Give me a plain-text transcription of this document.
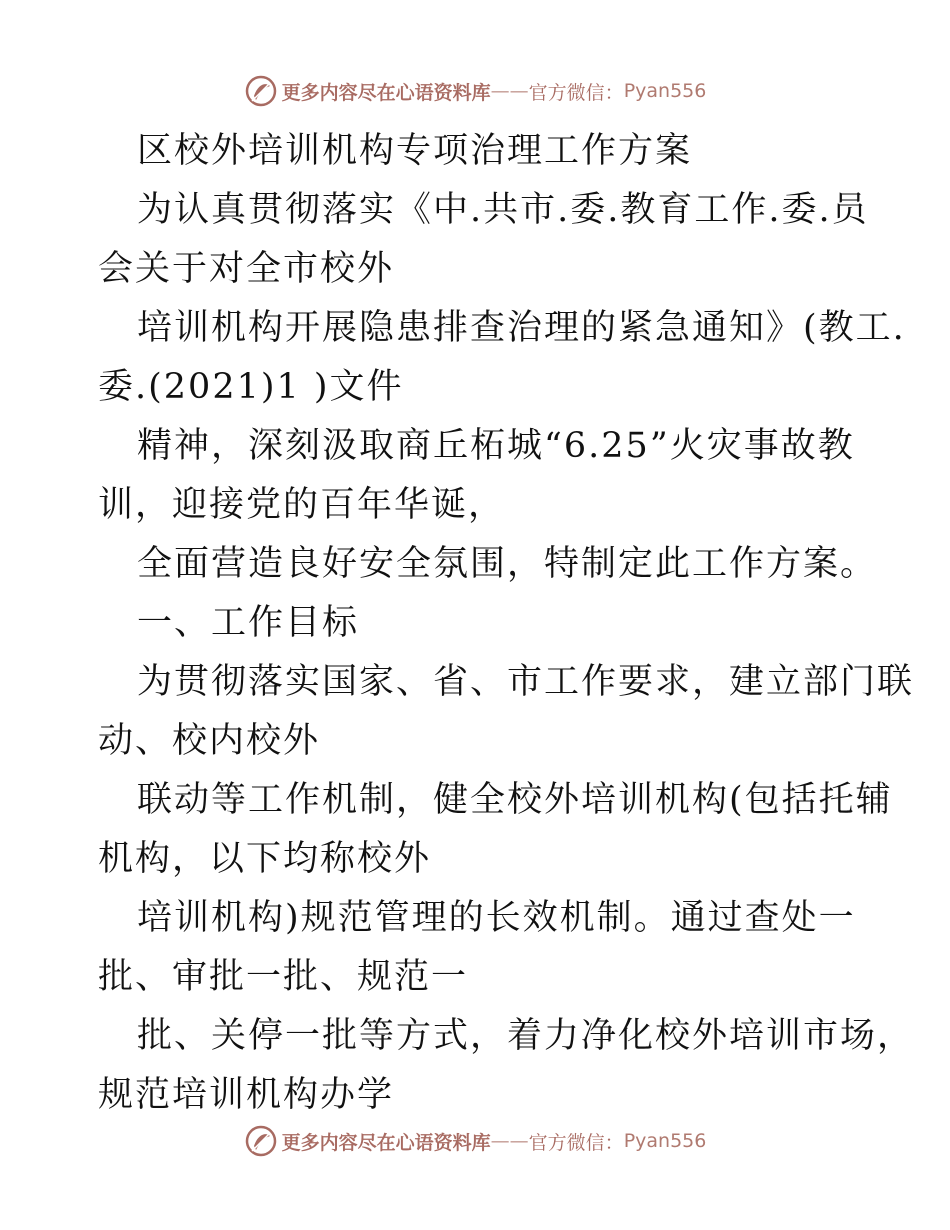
更多内容尽在心语资料库 —— 官方微信： Pyan556
区校外培训机构专项治理工作方案
为认真贯彻落实《中.共市.委.教育工作.委.员
会关于对全市校外
培训机构开展隐患排查治理的紧急通知》(教工.
委.(2021)1 )文件
精神，深刻汲取商丘柘城“6.25”火灾事故教
训，迎接党的百年华诞，
全面营造良好安全氛围，特制定此工作方案。
一、工作目标
为贯彻落实国家、省、市工作要求，建立部门联
动、校内校外
联动等工作机制，健全校外培训机构(包括托辅
机构，以下均称校外
培训机构)规范管理的长效机制。通过查处一
批、审批一批、规范一
批、关停一批等方式，着力净化校外培训市场，
规范培训机构办学
更多内容尽在心语资料库 —— 官方微信： Pyan556
